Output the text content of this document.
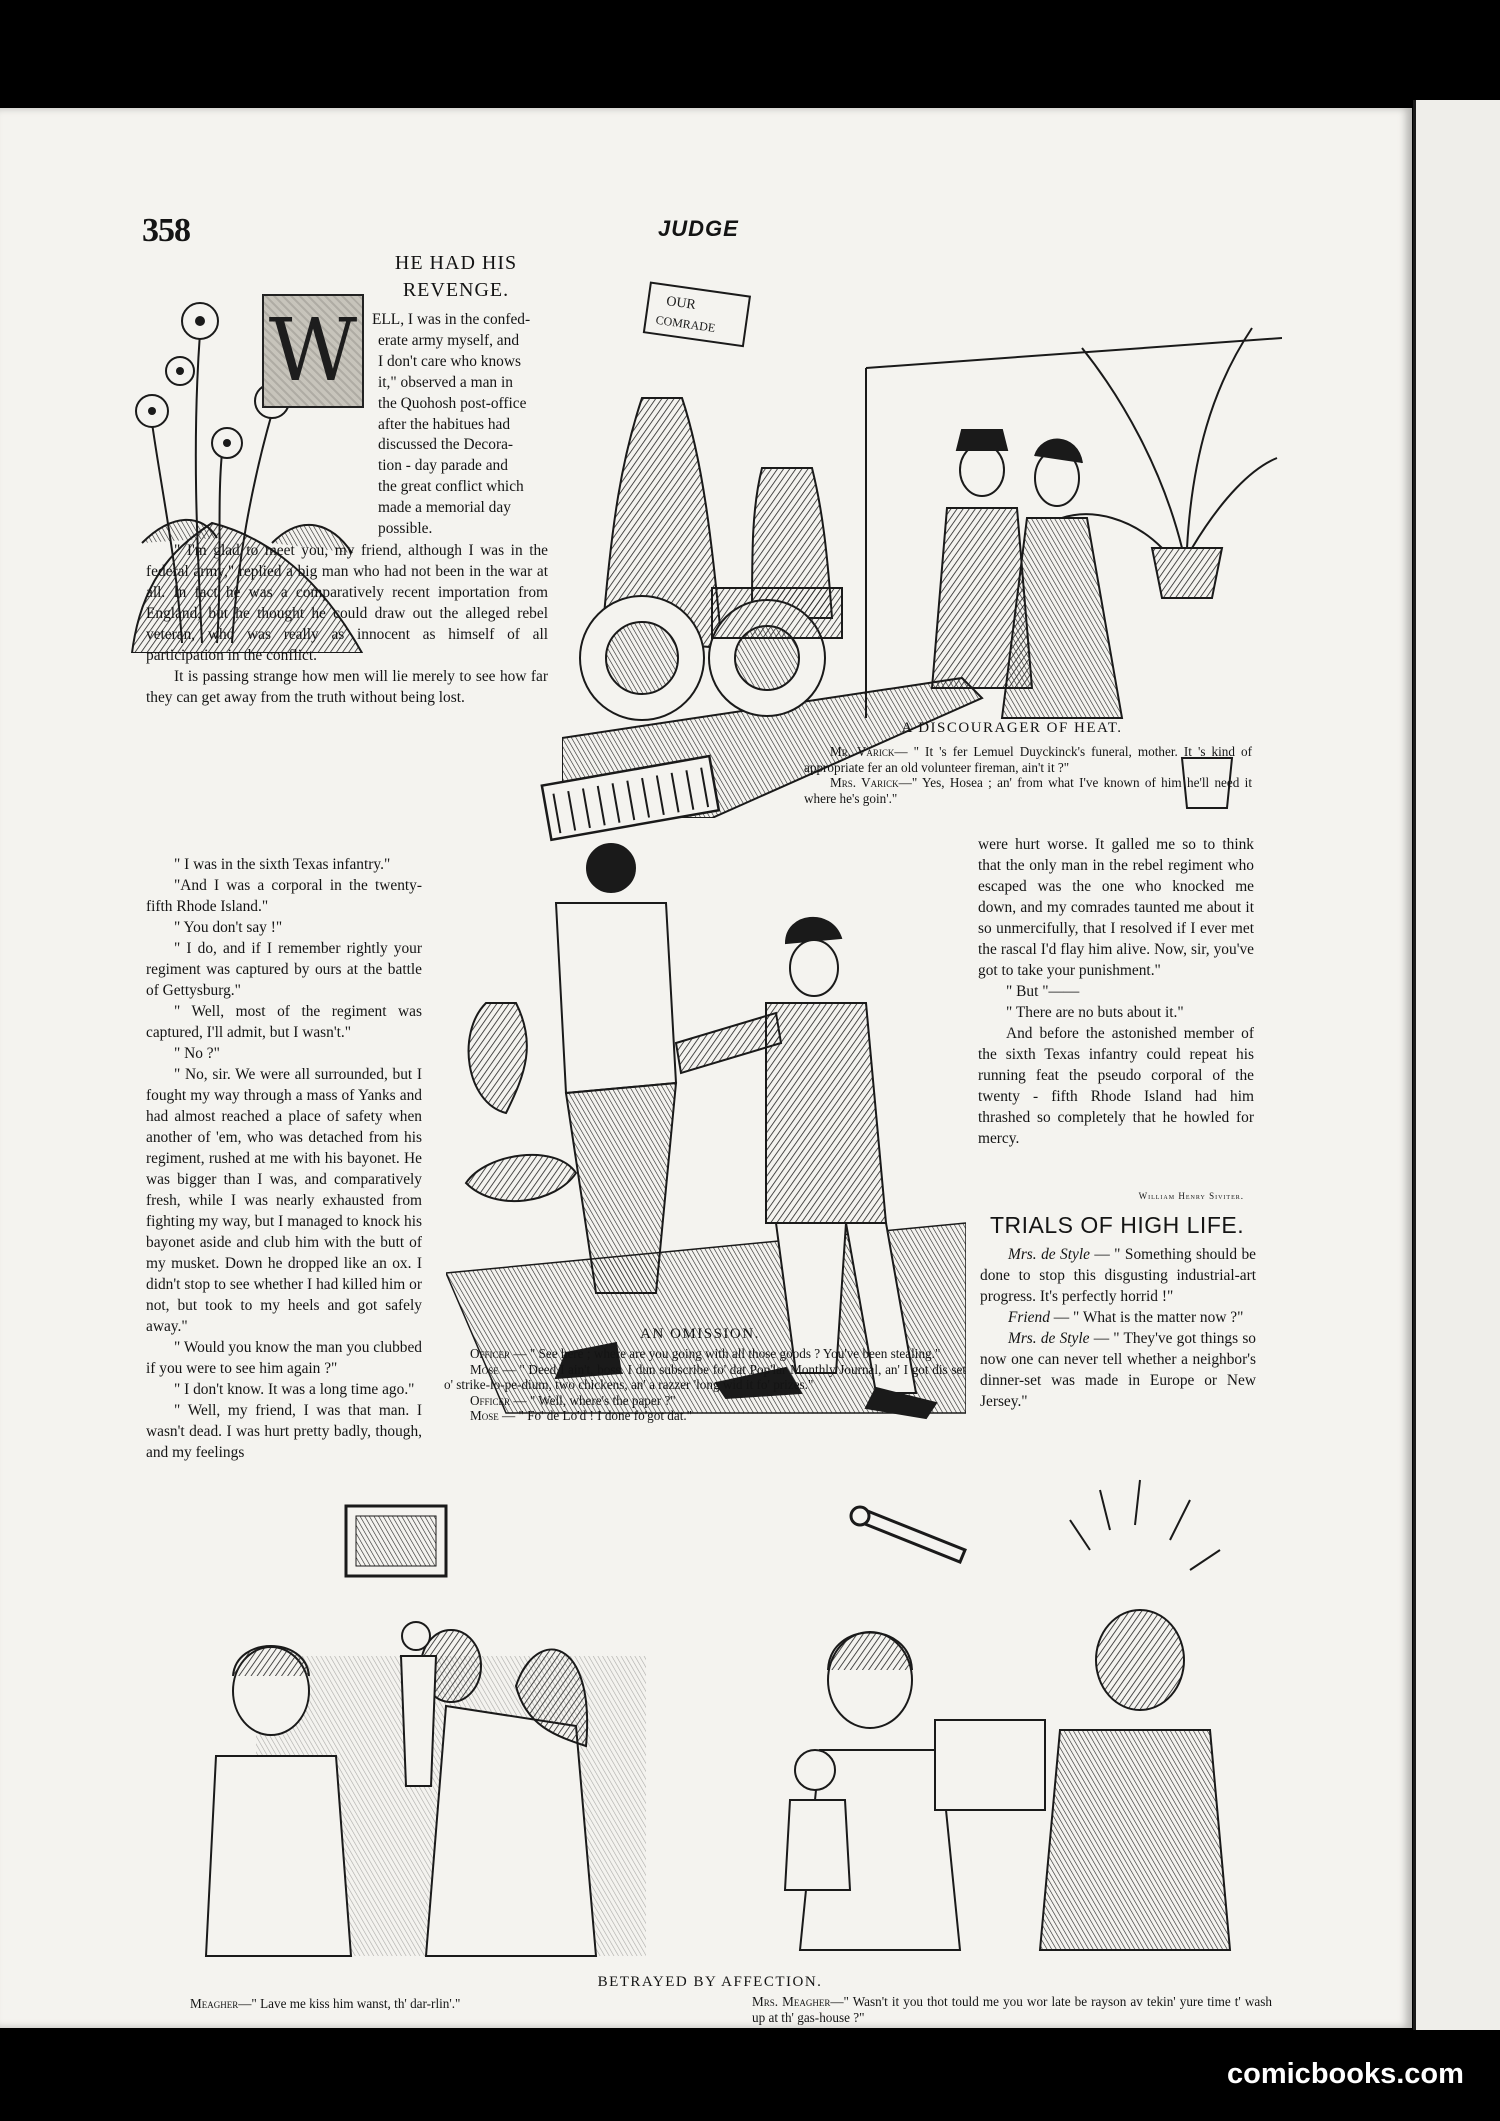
358	JUDGE
W
HE HAD HIS
REVENGE.
ELL, I was in the confed-
erate army myself, and
I don't care who knows
it," observed a man in
the Quohosh post-office
after the habitues had
discussed the Decora-
tion - day parade and
the great conflict which
made a memorial day
possible.

" I'm glad to meet you, my friend, although I was in the federal army," replied a big man who had not been in the war at all. In fact he was a comparatively recent importation from England, but he thought he could draw out the alleged rebel veteran, who was really as innocent as himself of all participation in the conflict.

It is passing strange how men will lie merely to see how far they can get away from the truth without being lost.

" I was in the sixth Texas infantry."

"And I was a corporal in the twenty-fifth Rhode Island."

" You don't say !"

" I do, and if I remember rightly your regiment was captured by ours at the battle of Gettysburg."

" Well, most of the regiment was captured, I'll admit, but I wasn't."

" No ?"

" No, sir. We were all surrounded, but I fought my way through a mass of Yanks and had almost reached a place of safety when another of 'em, who was detached from his regiment, rushed at me with his bayonet. He was bigger than I was, and comparatively fresh, while I was nearly exhausted from fighting my way, but I managed to knock his bayonet aside and club him with the butt of my musket. Down he dropped like an ox. I didn't stop to see whether I had killed him or not, but took to my heels and got safely away."

" Would you know the man you clubbed if you were to see him again ?"

" I don't know. It was a long time ago."

" Well, my friend, I was that man. I wasn't dead. I was hurt pretty badly, though, and my feelings

OUR
COMRADE
A DISCOURAGER OF HEAT.

Mr. Varick— " It 's fer Lemuel Duyckinck's funeral, mother. It 's kind of appropriate fer an old volunteer fireman, ain't it ?"

Mrs. Varick—" Yes, Hosea ; an' from what I've known of him he'll need it where he's goin'."

AN OMISSION.

Officer — " See here ; where are you going with all those goods ? You've been stealing."

Mose — " Deed I ain't, boss. I dun subscribe fo' dat Pop'lar Monthly Journal, an' I got dis set o' strike-lo-pe-dium, two chickens, an' a razzer 'long wid it fo' prizes."

Officer — " Well, where's the paper ?"

Mose — " Fo' de Lo'd ! I done fo'got dat."

were hurt worse. It galled me so to think that the only man in the rebel regiment who escaped was the one who knocked me down, and my comrades taunted me about it so unmercifully, that I resolved if I ever met the rascal I'd flay him alive. Now, sir, you've got to take your punishment."

" But "——

" There are no buts about it."

And before the astonished member of the sixth Texas infantry could repeat his running feat the pseudo corporal of the twenty - fifth Rhode Island had him thrashed so completely that he howled for mercy.

William Henry Siviter.
TRIALS OF HIGH LIFE.

Mrs. de Style — " Something should be done to stop this disgusting industrial-art progress. It's perfectly horrid !"

Friend — " What is the matter now ?"

Mrs. de Style — " They've got things so now one can never tell whether a neighbor's dinner-set was made in Europe or New Jersey."

BETRAYED BY AFFECTION.
Meagher—" Lave me kiss him wanst, th' dar-rlin'."	Mrs. Meagher—" Wasn't it you thot tould me you wor late be rayson av tekin' yure time t' wash up at th' gas-house ?"
comicbooks.com
